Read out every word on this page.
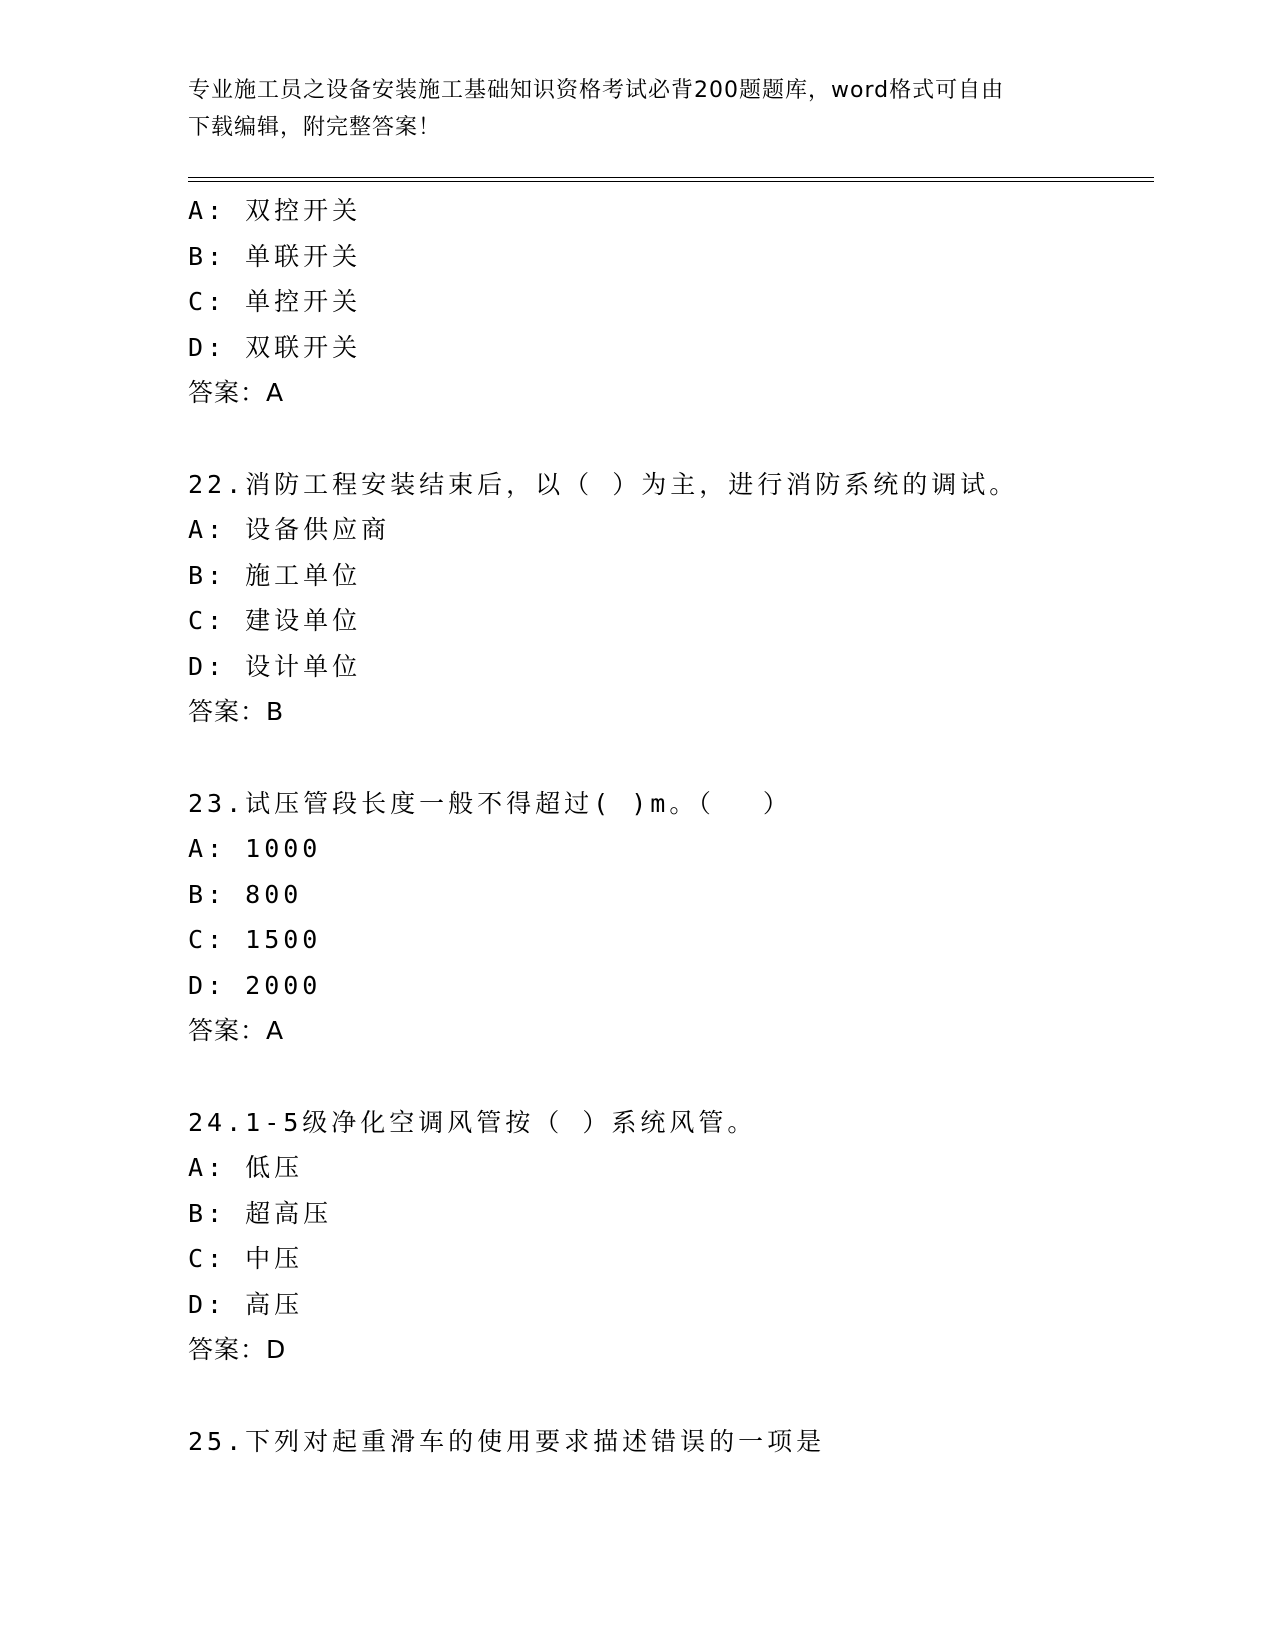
专业施工员之设备安装施工基础知识资格考试必背200题题库，word格式可自由
下载编辑，附完整答案！
A: 双控开关
B: 单联开关
C: 单控开关
D: 双联开关
答案：A
22.消防工程安装结束后，以（ ）为主，进行消防系统的调试。
A: 设备供应商
B: 施工单位
C: 建设单位
D: 设计单位
答案：B
23.试压管段长度一般不得超过( )m。（　 ）
A: 1000
B: 800
C: 1500
D: 2000
答案：A
24.1-5级净化空调风管按（ ）系统风管。
A: 低压
B: 超高压
C: 中压
D: 高压
答案：D
25.下列对起重滑车的使用要求描述错误的一项是
